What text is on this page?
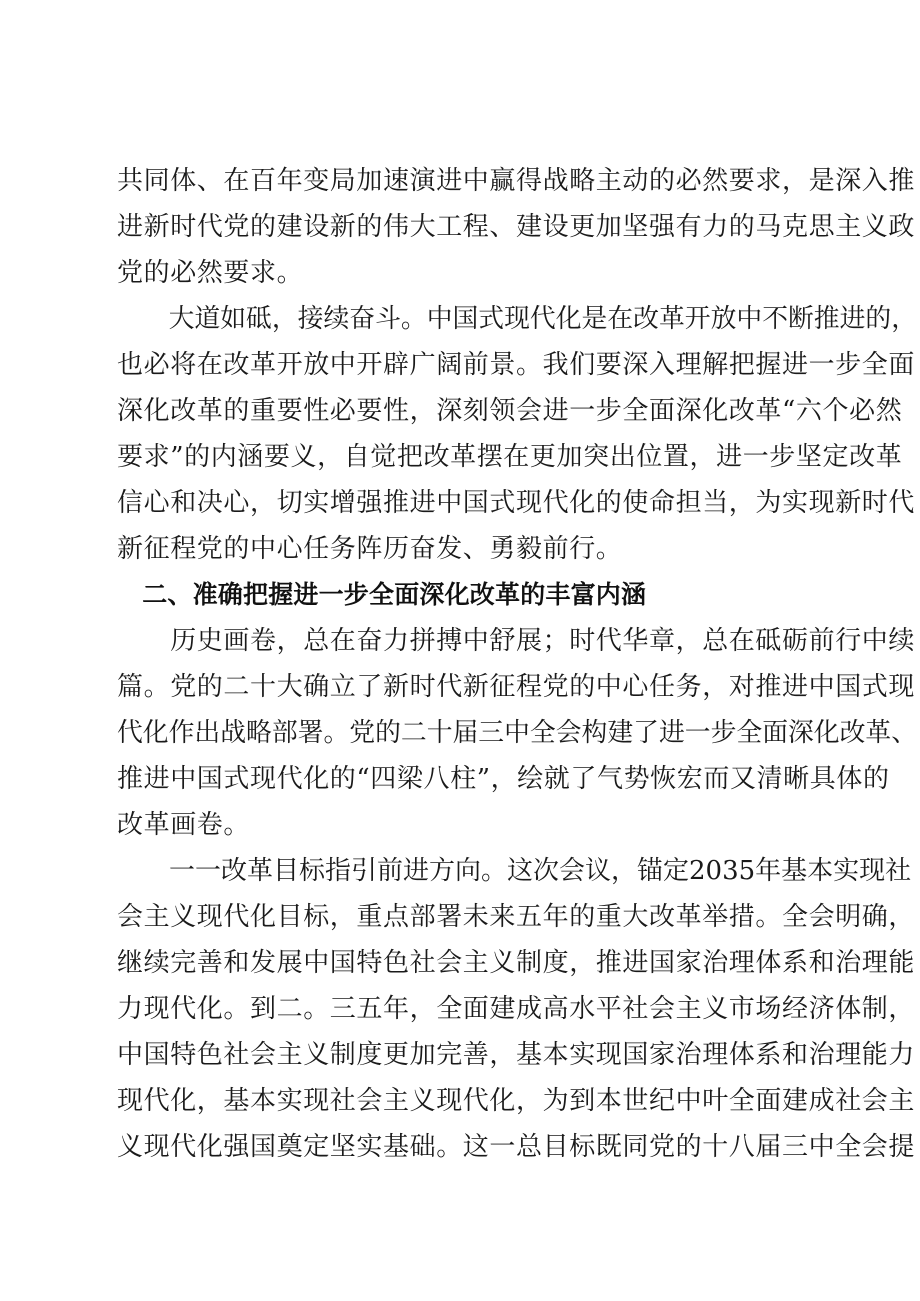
共同体、在百年变局加速演进中赢得战略主动的必然要求，是深入推

进新时代党的建设新的伟大工程、建设更加坚强有力的马克思主义政

党的必然要求。

　　大道如砥，接续奋斗。中国式现代化是在改革开放中不断推进的，

也必将在改革开放中开辟广阔前景。我们要深入理解把握进一步全面

深化改革的重要性必要性，深刻领会进一步全面深化改革“六个必然

要求”的内涵要义，自觉把改革摆在更加突出位置，进一步坚定改革

信心和决心，切实增强推进中国式现代化的使命担当，为实现新时代

新征程党的中心任务阵历奋发、勇毅前行。

　二、准确把握进一步全面深化改革的丰富内涵

　　历史画卷，总在奋力拼搏中舒展；时代华章，总在砥砺前行中续

篇。党的二十大确立了新时代新征程党的中心任务，对推进中国式现

代化作出战略部署。党的二十届三中全会构建了进一步全面深化改革、

推进中国式现代化的“四梁八柱”，绘就了气势恢宏而又清晰具体的

改革画卷。

　　一一改革目标指引前进方向。这次会议，锚定2035年基本实现社

会主义现代化目标，重点部署未来五年的重大改革举措。全会明确，

继续完善和发展中国特色社会主义制度，推进国家治理体系和治理能

力现代化。到二。三五年，全面建成高水平社会主义市场经济体制，

中国特色社会主义制度更加完善，基本实现国家治理体系和治理能力

现代化，基本实现社会主义现代化，为到本世纪中叶全面建成社会主

义现代化强国奠定坚实基础。这一总目标既同党的十八届三中全会提
